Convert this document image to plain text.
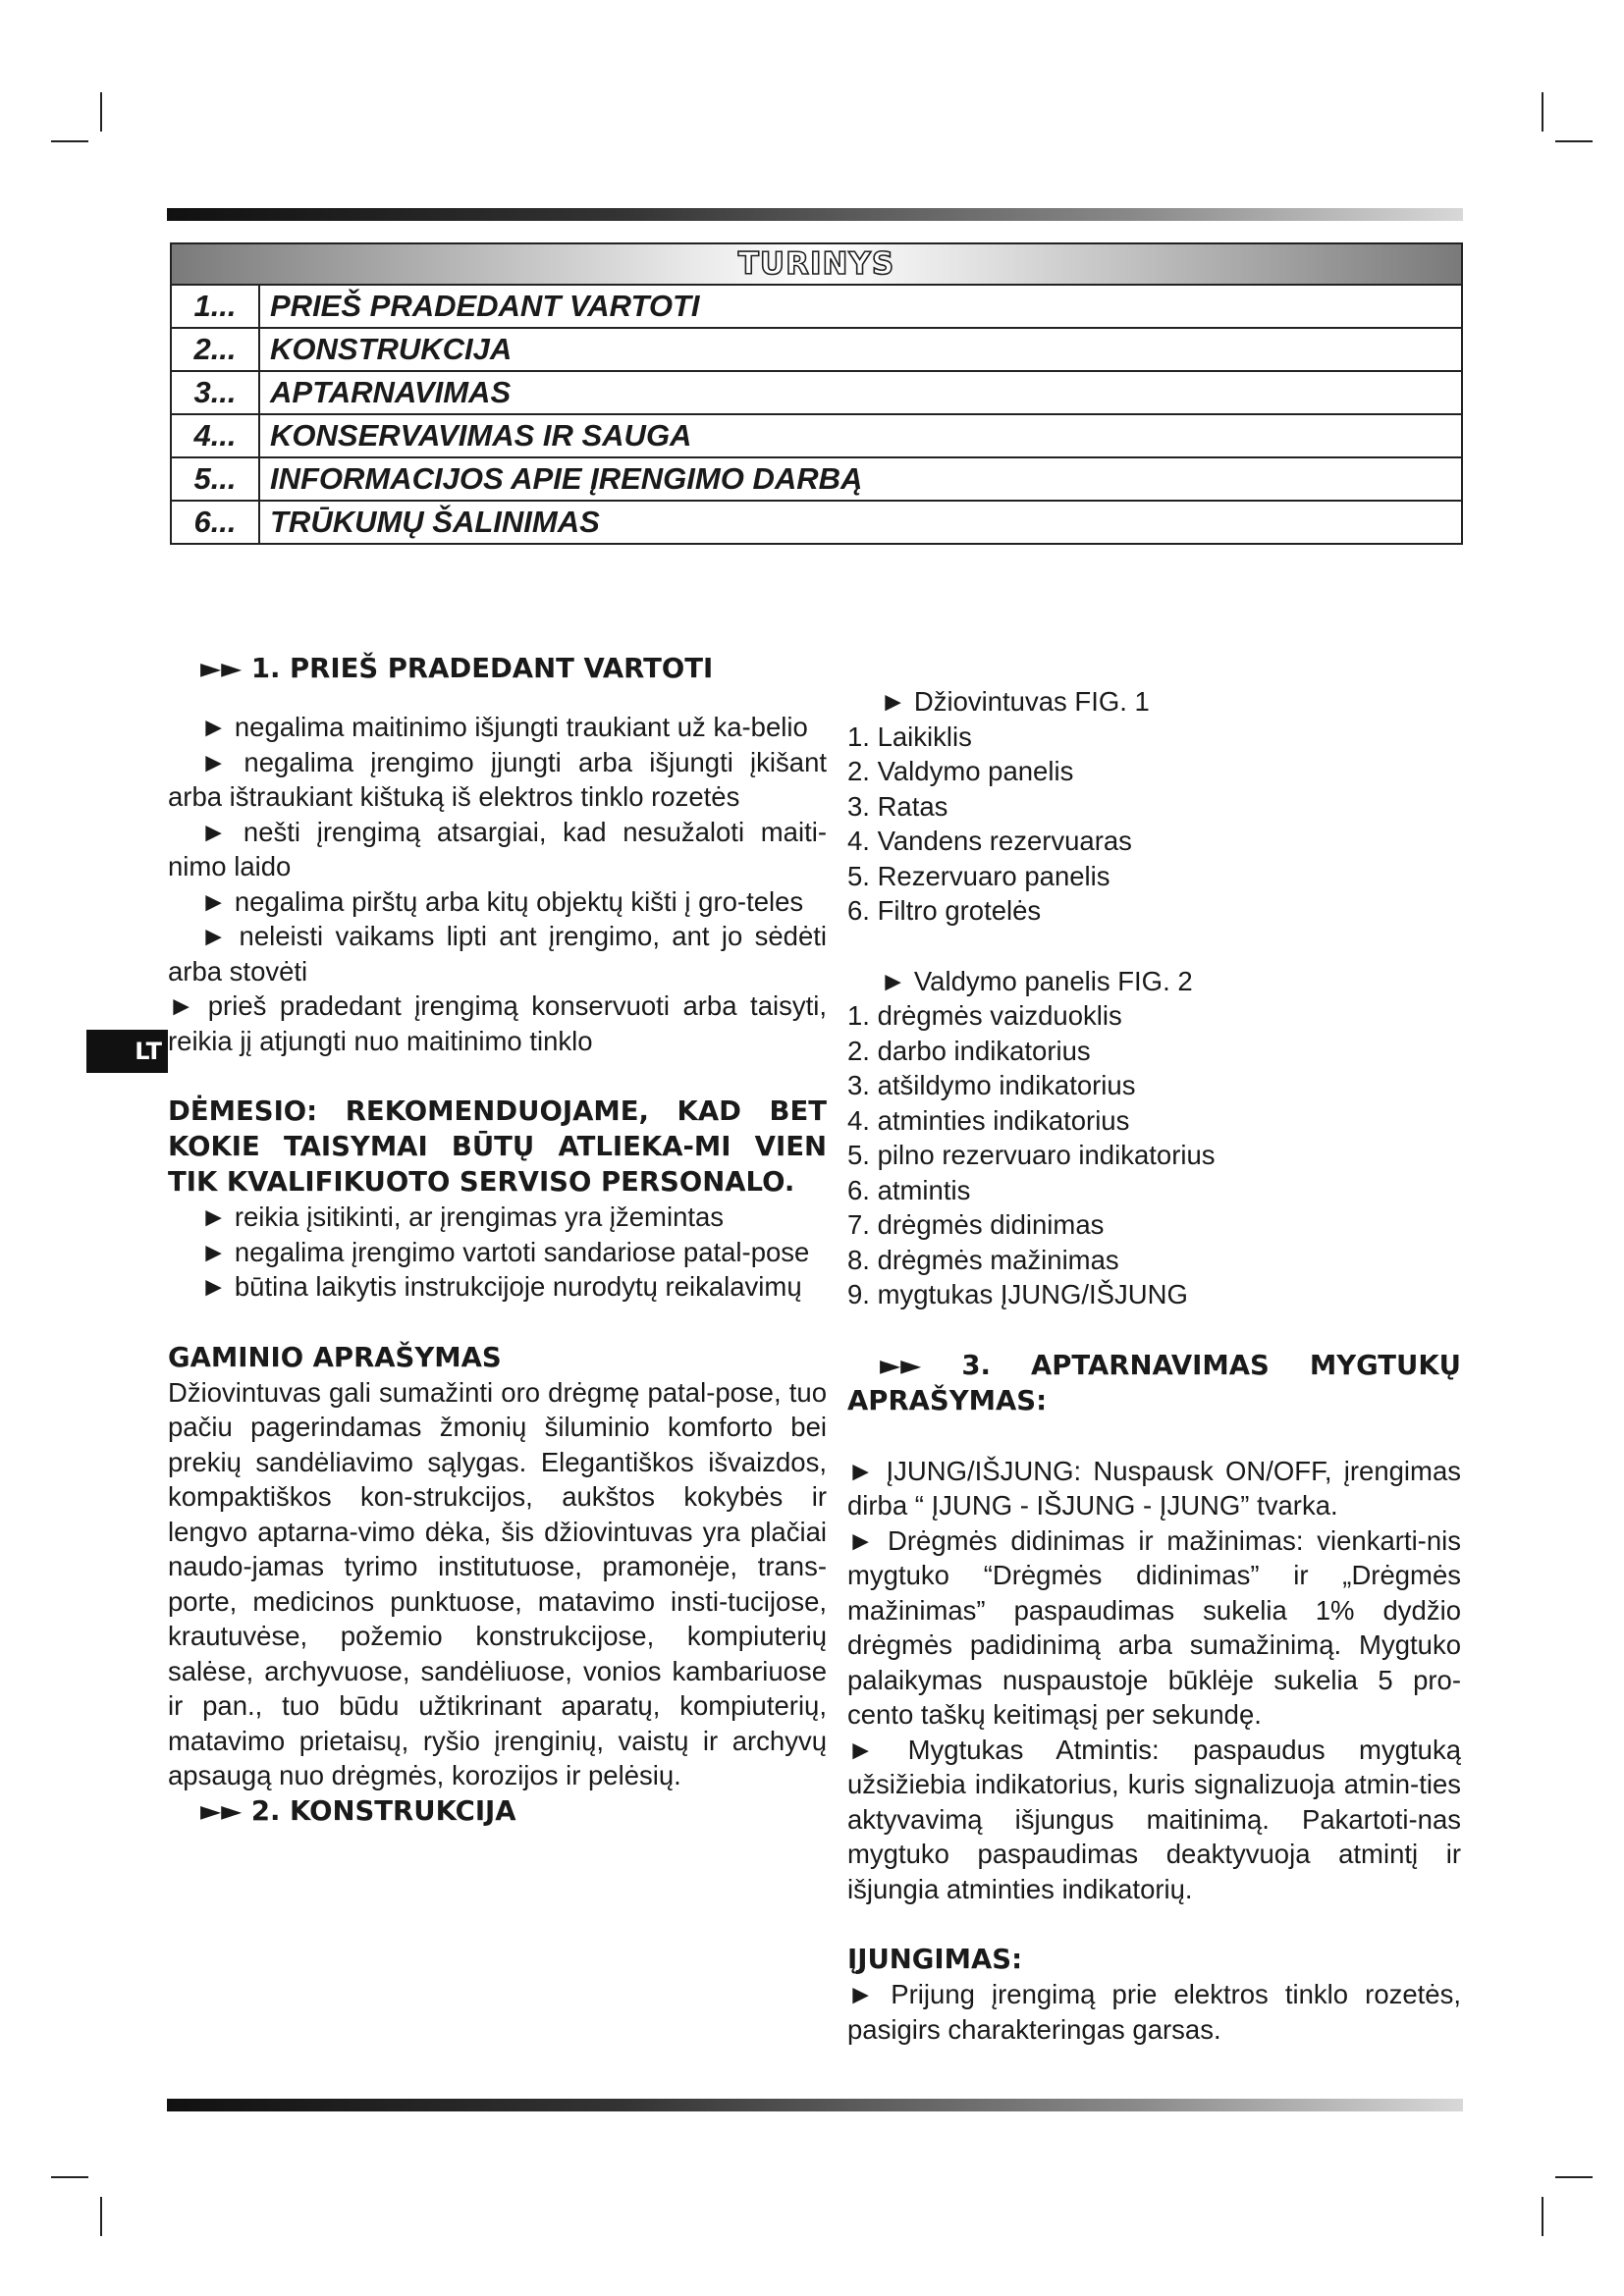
TURINYS	
1...	PRIEŠ PRADEDANT VARTOTI
2...	KONSTRUKCIJA
3...	APTARNAVIMAS
4...	KONSERVAVIMAS IR SAUGA
5...	INFORMACIJOS APIE ĮRENGIMO DARBĄ
6...	TRŪKUMŲ ŠALINIMAS
LT
►► 1. PRIEŠ PRADEDANT VARTOTI
► negalima maitinimo išjungti traukiant už ka-belio
► negalima įrengimo įjungti arba išjungti įkišant arba ištraukiant kištuką iš elektros tinklo rozetės
► nešti įrengimą atsargiai, kad nesužaloti maiti-nimo laido
► negalima pirštų arba kitų objektų kišti į gro-teles
► neleisti vaikams lipti ant įrengimo, ant jo sėdėti arba stovėti
► prieš pradedant įrengimą konservuoti arba taisyti, reikia jį atjungti nuo maitinimo tinklo
DĖMESIO: REKOMENDUOJAME, KAD BET KOKIE TAISYMAI BŪTŲ ATLIEKA-MI VIEN TIK KVALIFIKUOTO SERVISO PERSONALO.
► reikia įsitikinti, ar įrengimas yra įžemintas
► negalima įrengimo vartoti sandariose patal-pose
► būtina laikytis instrukcijoje nurodytų reikalavimų
GAMINIO APRAŠYMAS
Džiovintuvas gali sumažinti oro drėgmę patal-pose, tuo pačiu pagerindamas žmonių šiluminio komforto bei prekių sandėliavimo sąlygas. Elegantiškos išvaizdos, kompaktiškos kon-strukcijos, aukštos kokybės ir lengvo aptarna-vimo dėka, šis džiovintuvas yra plačiai naudo-jamas tyrimo institutuose, pramonėje, trans-porte, medicinos punktuose, matavimo insti-tucijose, krautuvėse, požemio konstrukcijose, kompiuterių salėse, archyvuose, sandėliuose, vonios kambariuose ir pan., tuo būdu užtikrinant aparatų, kompiuterių, matavimo prietaisų, ryšio įrenginių, vaistų ir archyvų apsaugą nuo drėgmės, korozijos ir pelėsių.
►► 2. KONSTRUKCIJA
► Džiovintuvas FIG. 1
1. Laikiklis
2. Valdymo panelis
3. Ratas
4. Vandens rezervuaras
5. Rezervuaro panelis
6. Filtro grotelės
► Valdymo panelis FIG. 2
1. drėgmės vaizduoklis
2. darbo indikatorius
3. atšildymo indikatorius
4. atminties indikatorius
5. pilno rezervuaro indikatorius
6. atmintis
7. drėgmės didinimas
8. drėgmės mažinimas
9. mygtukas ĮJUNG/IŠJUNG
►► 3. APTARNAVIMAS MYGTUKŲ APRAŠYMAS:
► ĮJUNG/IŠJUNG: Nuspausk ON/OFF, įrengimas dirba “ ĮJUNG - IŠJUNG - ĮJUNG” tvarka.
► Drėgmės didinimas ir mažinimas: vienkarti-nis mygtuko “Drėgmės didinimas” ir „Drėgmės mažinimas” paspaudimas sukelia 1% dydžio drėgmės padidinimą arba sumažinimą. Mygtuko palaikymas nuspaustoje būklėje sukelia 5 pro-cento taškų keitimąsį per sekundę.
► Mygtukas Atmintis: paspaudus mygtuką užsižiebia indikatorius, kuris signalizuoja atmin-ties aktyvavimą išjungus maitinimą. Pakartoti-nas mygtuko paspaudimas deaktyvuoja atmintį ir išjungia atminties indikatorių.
ĮJUNGIMAS:
► Prijung įrengimą prie elektros tinklo rozetės, pasigirs charakteringas garsas.
